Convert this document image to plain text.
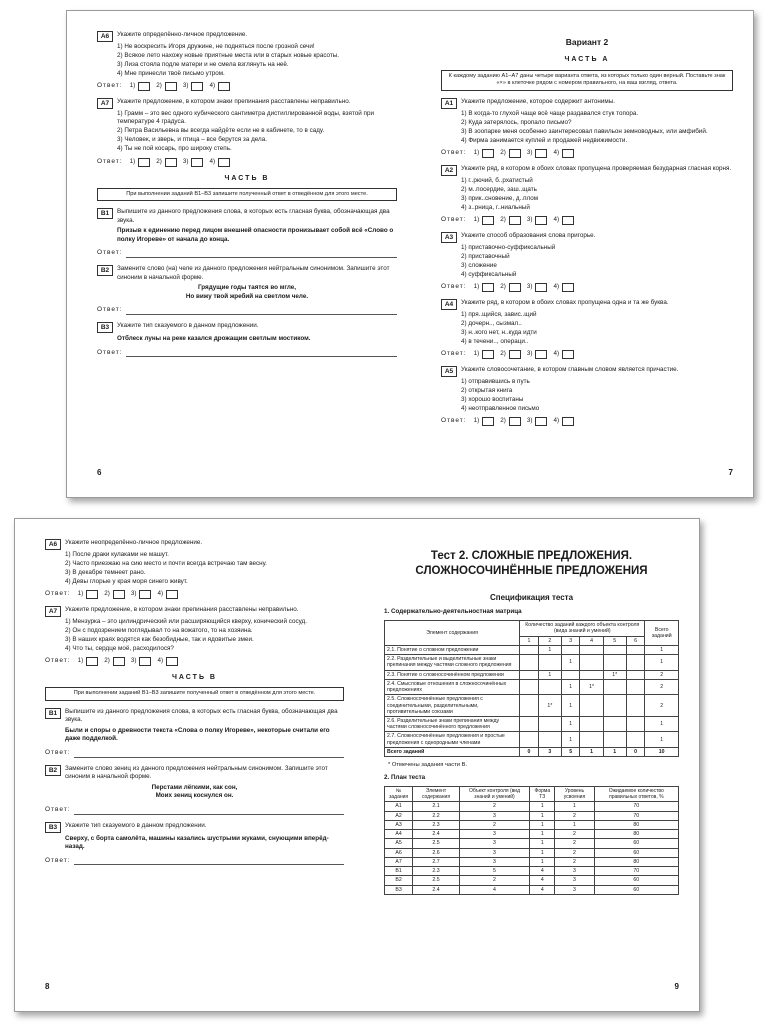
А6	Укажите определённо-личное предложение.
1) Не воскресить Игоря дружине, не подняться после грозной сечи!
2) Всякое лето нахожу новые приятные места или в старых новые красоты.
3) Лизa стояла подле матери и не смела взглянуть на неё.
4) Мне принесли твоё письмо утром.
Ответ: 1)	2)	3)	4)
А7	Укажите предложение, в котором знаки препинания расставлены неправильно.
1) Грамм – это вес одного кубического сантиметра дистиллированной воды, взятой при температуре 4 градуса.
2) Петра Васильевна вы всегда найдёте если не в кабинете, то в саду.
3) Человек, и зверь, и птица – все берутся за дела.
4) Ты не пой косарь, про широку степь.
Ответ: 1)	2)	3)	4)
ЧАСТЬ В
При выполнении заданий В1–В3 запишите полученный ответ в отведённом для этого месте.
В1	Выпишите из данного предложения слова, в которых есть гласная буква, обозначающая два звука.
Призыв к единению перед лицом внешней опасности пронизывает собой всё «Слово о полку Игореве» от начала до конца.
Ответ:
В2	Замените слово (на) челе из данного предложения нейтральным синонимом. Запишите этот синоним в начальной форме.
Грядущие годы таятся во мгле,
Но вижу твой жребий на светлом челе.
Ответ:
В3	Укажите тип сказуемого в данном предложении.
Отблеск луны на реке казался дрожащим светлым мостиком.
Ответ:
6
Вариант 2
ЧАСТЬ А
К каждому заданию А1–А7 даны четыре варианта ответа, из которых только один верный. Поставьте знак «×» в клеточке рядом с номером правильного, на ваш взгляд, ответа.
А1	Укажите предложение, которое содержит антонимы.
1) В когда-то глухой чаще всё чаще раздавался стук топора.
2) Куда затерялось, пропало письмо?
3) В зоопарке меня особенно заинтересовал павильон земноводных, или амфибий.
4) Фирма занимается куплей и продажей недвижимости.
Ответ: 1)	2)	3)	4)
А2	Укажите ряд, в котором в обоих словах пропущена проверяемая безударная гласная корня.
1) г..рючий, б..рхатистый
2) м..посердие, заш..щать
3) прик..сновение, д..плом
4) з..рница, г..ниальный
Ответ: 1)	2)	3)	4)
А3	Укажите способ образования слова пригорье.
1) приставочно-суффиксальный
2) приставочный
3) сложение
4) суффиксальный
Ответ: 1)	2)	3)	4)
А4	Укажите ряд, в котором в обоих словах пропущена одна и та же буква.
1) пря..щийся, завис..щий
2) дочерн.., сызмал..
3) н..кого нет, н..куда идти
4) в течени.., операци..
Ответ: 1)	2)	3)	4)
А5	Укажите словосочетание, в котором главным словом является причастие.
1) отправившись в путь
2) открытая книга
3) хорошо воспитаны
4) неотправленное письмо
Ответ: 1)	2)	3)	4)
7
А6	Укажите неопределённо-личное предложение.
1) После драки кулаками не машут.
2) Часто приезжаю на сию местo и почти всегда встречаю там весну.
3) В декабре темнеет рано.
4) Девы глорые у края моря синего живут.
Ответ: 1)	2)	3)	4)
А7	Укажите предложение, в котором знаки препинания расставлены неправильно.
1) Мензурка – это цилиндрический или расширяющийся кверху, конический сосуд.
2) Он с подозрением поглядывал то на вожатого, то на хозяина.
3) В наших краях водятся как безобидные, так и ядовитые змеи.
4) Что ты, сердце моё, расходилося?
Ответ: 1)	2)	3)	4)
ЧАСТЬ В
При выполнении заданий В1–В3 запишите полученный ответ в отведённом для этого месте.
В1	Выпишите из данного предложения слова, в которых есть гласная буква, обозначающая два звука.
Были и споры о древности текста «Слова о полку Игореве», некоторые считали его даже подделкой.
Ответ:
В2	Замените слово зениц из данного предложения нейтральным синонимом. Запишите этот синоним в начальной форме.
Перстами лёгкими, как сон,
Моих зениц коснулся он.
Ответ:
В3	Укажите тип сказуемого в данном предложении.
Сверху, с борта самолёта, машины казались шустрыми жуками, снующими вперёд-назад.
Ответ:
8
Тест 2. СЛОЖНЫЕ ПРЕДЛОЖЕНИЯ.
СЛОЖНОСОЧИНЁННЫЕ ПРЕДЛОЖЕНИЯ
Спецификация теста
1. Содержательно-деятельностная матрица
Элемент содержания	Количество заданий каждого объекта контроля (вида знаний и умений)						Всего заданий
	1	2	3	4	5	6	
2.1. Понятие о сложном предложении		1					1
2.2. Разделительные и выделительные знаки препинания между частями сложного предложения			1				1
2.3. Понятие о сложносочинённом предложении		1			1*		2
2.4. Смысловые отношения в сложносочинённых предложениях			1	1*			2
2.5. Сложносочинённые предложения с соединительными, разделительными, противительными союзами		1*	1				2
2.6. Разделительные знаки препинания между частями сложносочинённого предложения			1				1
2.7. Сложносочинённые предложения и простые предложения с однородными членами			1				1
Всего заданий	0	3	5	1	1	0	10
* Отмечены задания части В.
2. План теста
№ задания	Элемент содержания	Объект контроля (вид знаний и умений)	Форма ТЗ	Уровень усвоения	Ожидаемое количество правильных ответов, %
А1	2.1	2	1	1	70
А2	2.2	3	1	2	70
А3	2.3	2	1	1	80
А4	2.4	3	1	2	80
А5	2.5	3	1	2	60
А6	2.6	3	1	2	60
А7	2.7	3	1	2	80
В1	2.3	5	4	3	70
В2	2.5	2	4	3	60
В3	2.4	4	4	3	60
9
